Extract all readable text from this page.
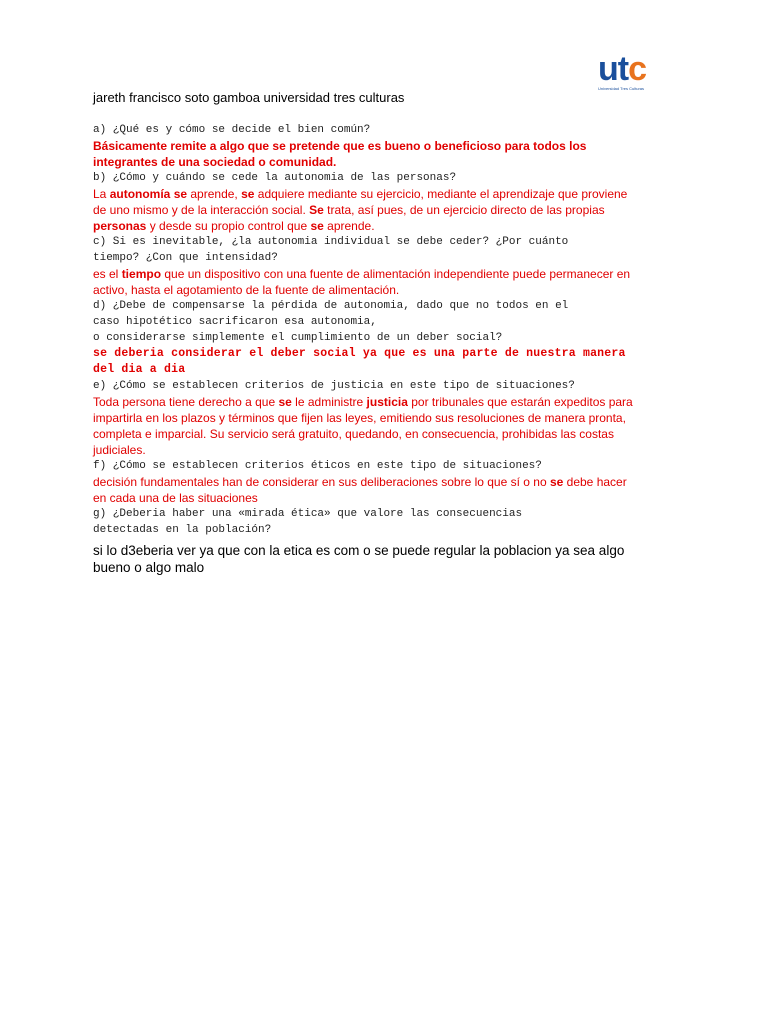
utc
Universidad Tres Culturas
jareth francisco soto gamboa universidad tres culturas
a) ¿Qué es y cómo se decide el bien común?
Básicamente remite a algo que se pretende que es bueno o beneficioso para todos los
integrantes de una sociedad o comunidad.
b) ¿Cómo y cuándo se cede la autonomia de las personas?
La autonomía se aprende, se adquiere mediante su ejercicio, mediante el aprendizaje que proviene
de uno mismo y de la interacción social. Se trata, así pues, de un ejercicio directo de las propias
personas y desde su propio control que se aprende.
c) Si es inevitable, ¿la autonomia individual se debe ceder? ¿Por cuánto
tiempo? ¿Con que intensidad?
es el tiempo que un dispositivo con una fuente de alimentación independiente puede permanecer en
activo, hasta el agotamiento de la fuente de alimentación.
d) ¿Debe de compensarse la pérdida de autonomia, dado que no todos en el
caso hipotético sacrificaron esa autonomia,
o considerarse simplemente el cumplimiento de un deber social?
se deberia considerar el deber social ya que es una parte de nuestra manera
del dia a dia
e) ¿Cómo se establecen criterios de justicia en este tipo de situaciones?
Toda persona tiene derecho a que se le administre justicia por tribunales que estarán expeditos para
impartirla en los plazos y términos que fijen las leyes, emitiendo sus resoluciones de manera pronta,
completa e imparcial. Su servicio será gratuito, quedando, en consecuencia, prohibidas las costas
judiciales.
f) ¿Cómo se establecen criterios éticos en este tipo de situaciones?
decisión fundamentales han de considerar en sus deliberaciones sobre lo que sí o no se debe hacer
en cada una de las situaciones
g) ¿Deberia haber una «mirada ética» que valore las consecuencias
detectadas en la población?
si lo d3eberia ver ya que con la etica es com o se puede regular la poblacion ya sea algo
bueno o algo malo
